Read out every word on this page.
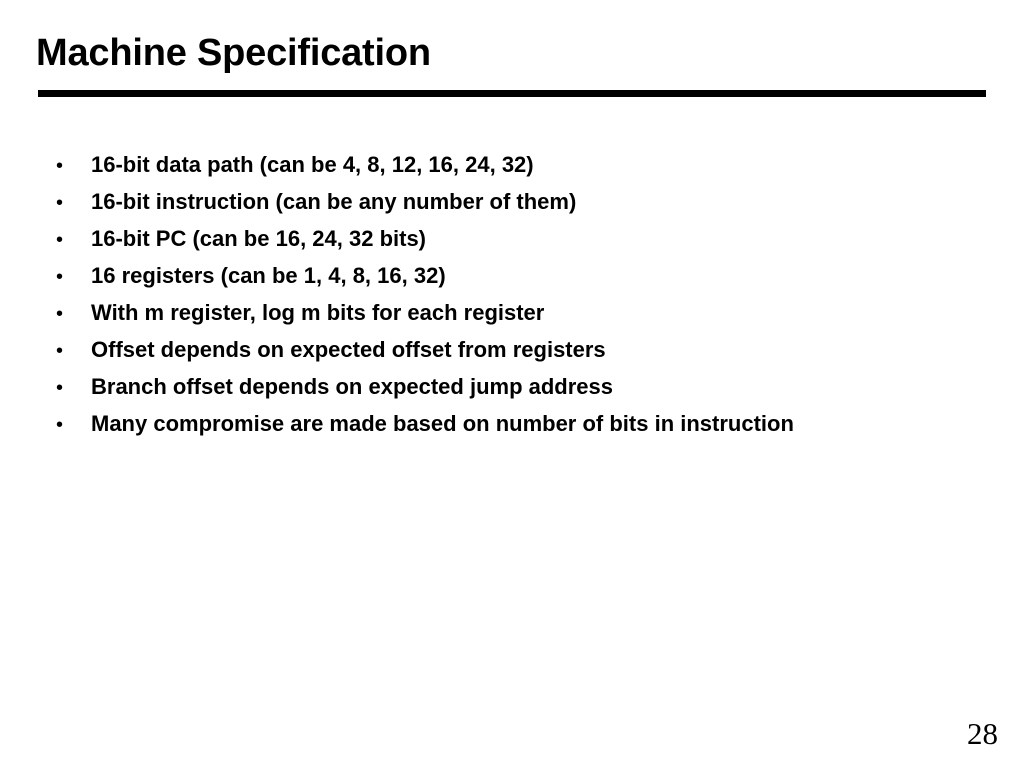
Machine Specification
•	16-bit data path (can be 4, 8, 12, 16, 24, 32)
•	16-bit instruction (can be any number of them)
•	16-bit PC (can be 16, 24, 32 bits)
•	16 registers (can be 1, 4, 8, 16, 32)
•	With m register, log m bits for each register
•	Offset depends on expected offset from registers
•	Branch offset depends on expected jump address
•	Many compromise are made based on number of bits in instruction
28
